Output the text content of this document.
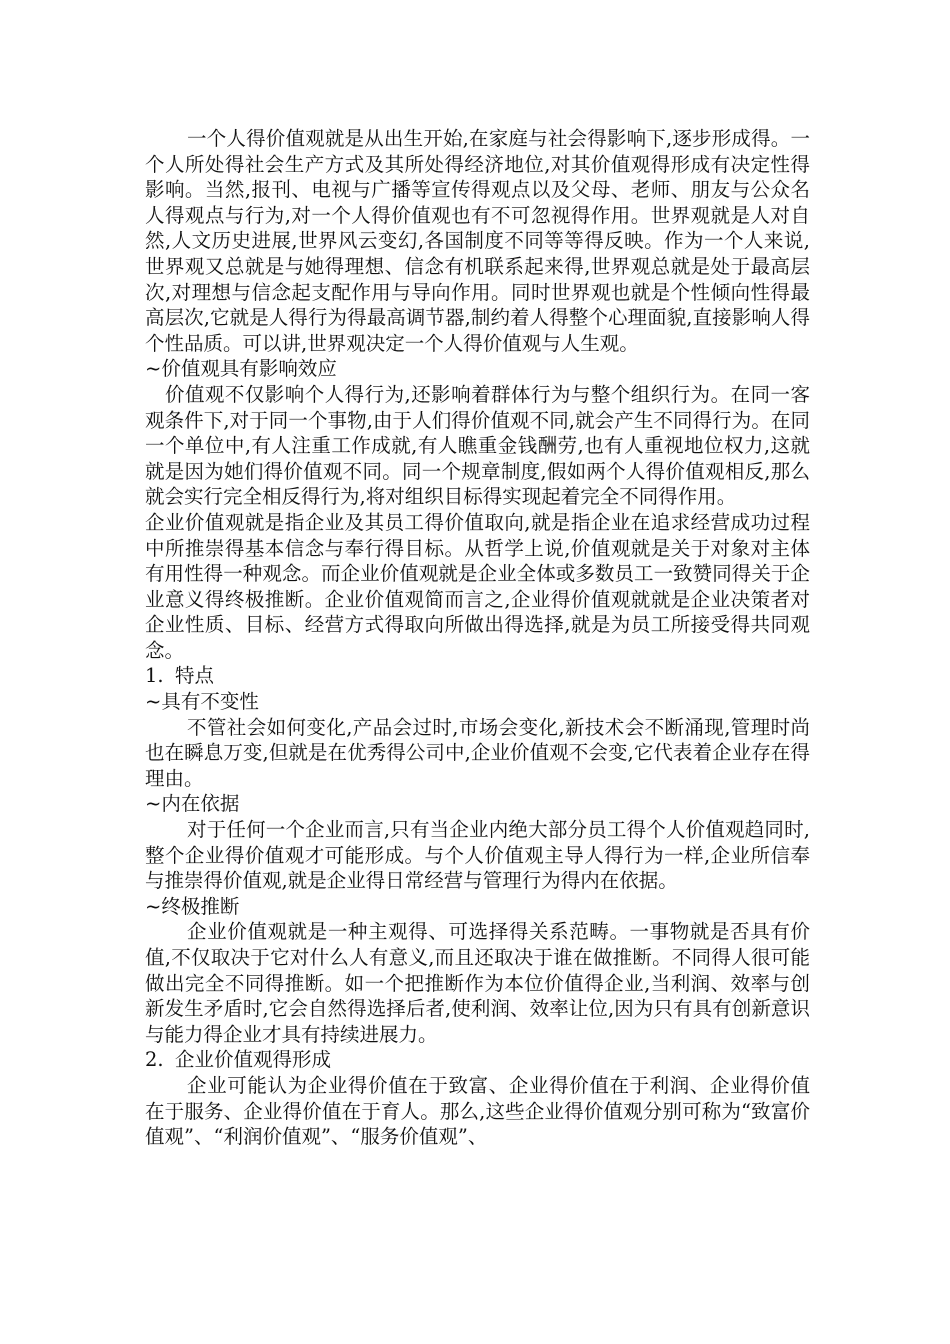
一个人得价值观就是从出生开始,在家庭与社会得影响下,逐步形成得。一个人所处得社会生产方式及其所处得经济地位,对其价值观得形成有决定性得影响。当然,报刊、电视与广播等宣传得观点以及父母、老师、朋友与公众名人得观点与行为,对一个人得价值观也有不可忽视得作用。世界观就是人对自然,人文历史进展,世界风云变幻,各国制度不同等等得反映。作为一个人来说,世界观又总就是与她得理想、信念有机联系起来得,世界观总就是处于最高层次,对理想与信念起支配作用与导向作用。同时世界观也就是个性倾向性得最高层次,它就是人得行为得最高调节器,制约着人得整个心理面貌,直接影响人得个性品质。可以讲,世界观决定一个人得价值观与人生观。

~价值观具有影响效应

价值观不仅影响个人得行为,还影响着群体行为与整个组织行为。在同一客观条件下,对于同一个事物,由于人们得价值观不同,就会产生不同得行为。在同一个单位中,有人注重工作成就,有人瞧重金钱酬劳,也有人重视地位权力,这就就是因为她们得价值观不同。同一个规章制度,假如两个人得价值观相反,那么就会实行完全相反得行为,将对组织目标得实现起着完全不同得作用。

企业价值观就是指企业及其员工得价值取向,就是指企业在追求经营成功过程中所推崇得基本信念与奉行得目标。从哲学上说,价值观就是关于对象对主体有用性得一种观念。而企业价值观就是企业全体或多数员工一致赞同得关于企业意义得终极推断。企业价值观简而言之,企业得价值观就就是企业决策者对企业性质、目标、经营方式得取向所做出得选择,就是为员工所接受得共同观念。

1. 特点

~具有不变性

不管社会如何变化,产品会过时,市场会变化,新技术会不断涌现,管理时尚也在瞬息万变,但就是在优秀得公司中,企业价值观不会变,它代表着企业存在得理由。

~内在依据

对于任何一个企业而言,只有当企业内绝大部分员工得个人价值观趋同时,整个企业得价值观才可能形成。与个人价值观主导人得行为一样,企业所信奉与推崇得价值观,就是企业得日常经营与管理行为得内在依据。

~终极推断

企业价值观就是一种主观得、可选择得关系范畴。一事物就是否具有价值,不仅取决于它对什么人有意义,而且还取决于谁在做推断。不同得人很可能做出完全不同得推断。如一个把推断作为本位价值得企业,当利润、效率与创新发生矛盾时,它会自然得选择后者,使利润、效率让位,因为只有具有创新意识与能力得企业才具有持续进展力。

2. 企业价值观得形成

企业可能认为企业得价值在于致富、企业得价值在于利润、企业得价值在于服务、企业得价值在于育人。那么,这些企业得价值观分别可称为“致富价值观”、“利润价值观”、“服务价值观”、
